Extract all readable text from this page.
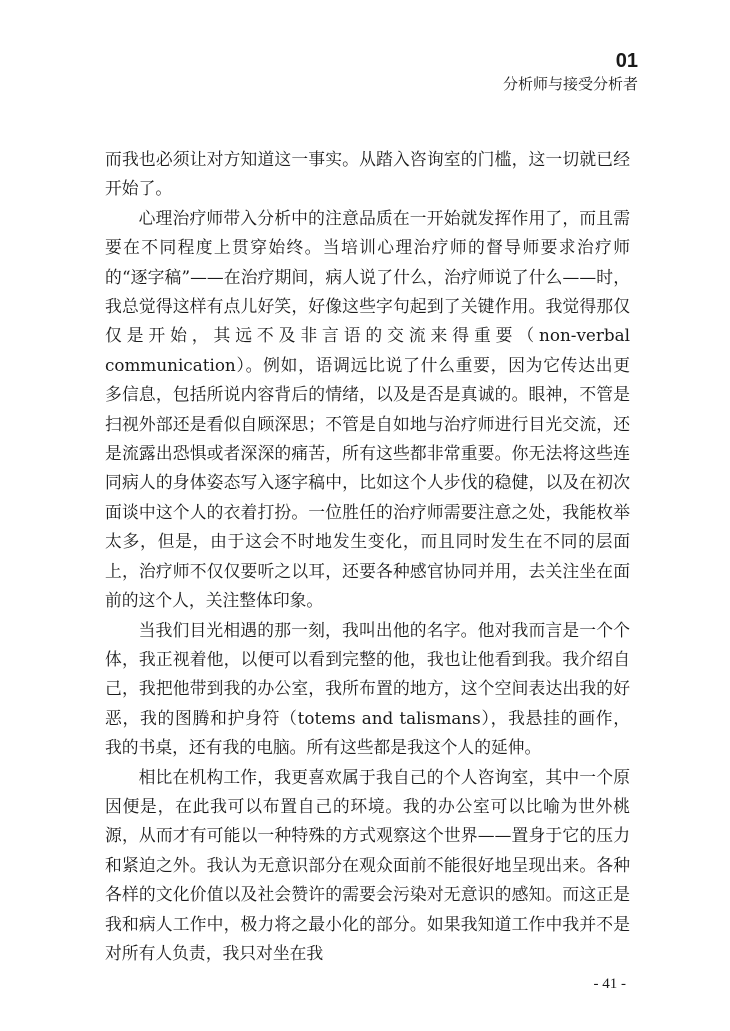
01
分析师与接受分析者

而我也必须让对方知道这一事实。从踏入咨询室的门槛，这一切就已经开始了。

心理治疗师带入分析中的注意品质在一开始就发挥作用了，而且需要在不同程度上贯穿始终。当培训心理治疗师的督导师要求治疗师的“逐字稿”——在治疗期间，病人说了什么，治疗师说了什么——时，我总觉得这样有点儿好笑，好像这些字句起到了关键作用。我觉得那仅仅是开始，其远不及非言语的交流来得重要（non-verbal communication）。例如，语调远比说了什么重要，因为它传达出更多信息，包括所说内容背后的情绪，以及是否是真诚的。眼神，不管是扫视外部还是看似自顾深思；不管是自如地与治疗师进行目光交流，还是流露出恐惧或者深深的痛苦，所有这些都非常重要。你无法将这些连同病人的身体姿态写入逐字稿中，比如这个人步伐的稳健，以及在初次面谈中这个人的衣着打扮。一位胜任的治疗师需要注意之处，我能枚举太多，但是，由于这会不时地发生变化，而且同时发生在不同的层面上，治疗师不仅仅要听之以耳，还要各种感官协同并用，去关注坐在面前的这个人，关注整体印象。

当我们目光相遇的那一刻，我叫出他的名字。他对我而言是一个个体，我正视着他，以便可以看到完整的他，我也让他看到我。我介绍自己，我把他带到我的办公室，我所布置的地方，这个空间表达出我的好恶，我的图腾和护身符（totems and talismans），我悬挂的画作，我的书桌，还有我的电脑。所有这些都是我这个人的延伸。

相比在机构工作，我更喜欢属于我自己的个人咨询室，其中一个原因便是，在此我可以布置自己的环境。我的办公室可以比喻为世外桃源，从而才有可能以一种特殊的方式观察这个世界——置身于它的压力和紧迫之外。我认为无意识部分在观众面前不能很好地呈现出来。各种各样的文化价值以及社会赞许的需要会污染对无意识的感知。而这正是我和病人工作中，极力将之最小化的部分。如果我知道工作中我并不是对所有人负责，我只对坐在我

- 41 -
